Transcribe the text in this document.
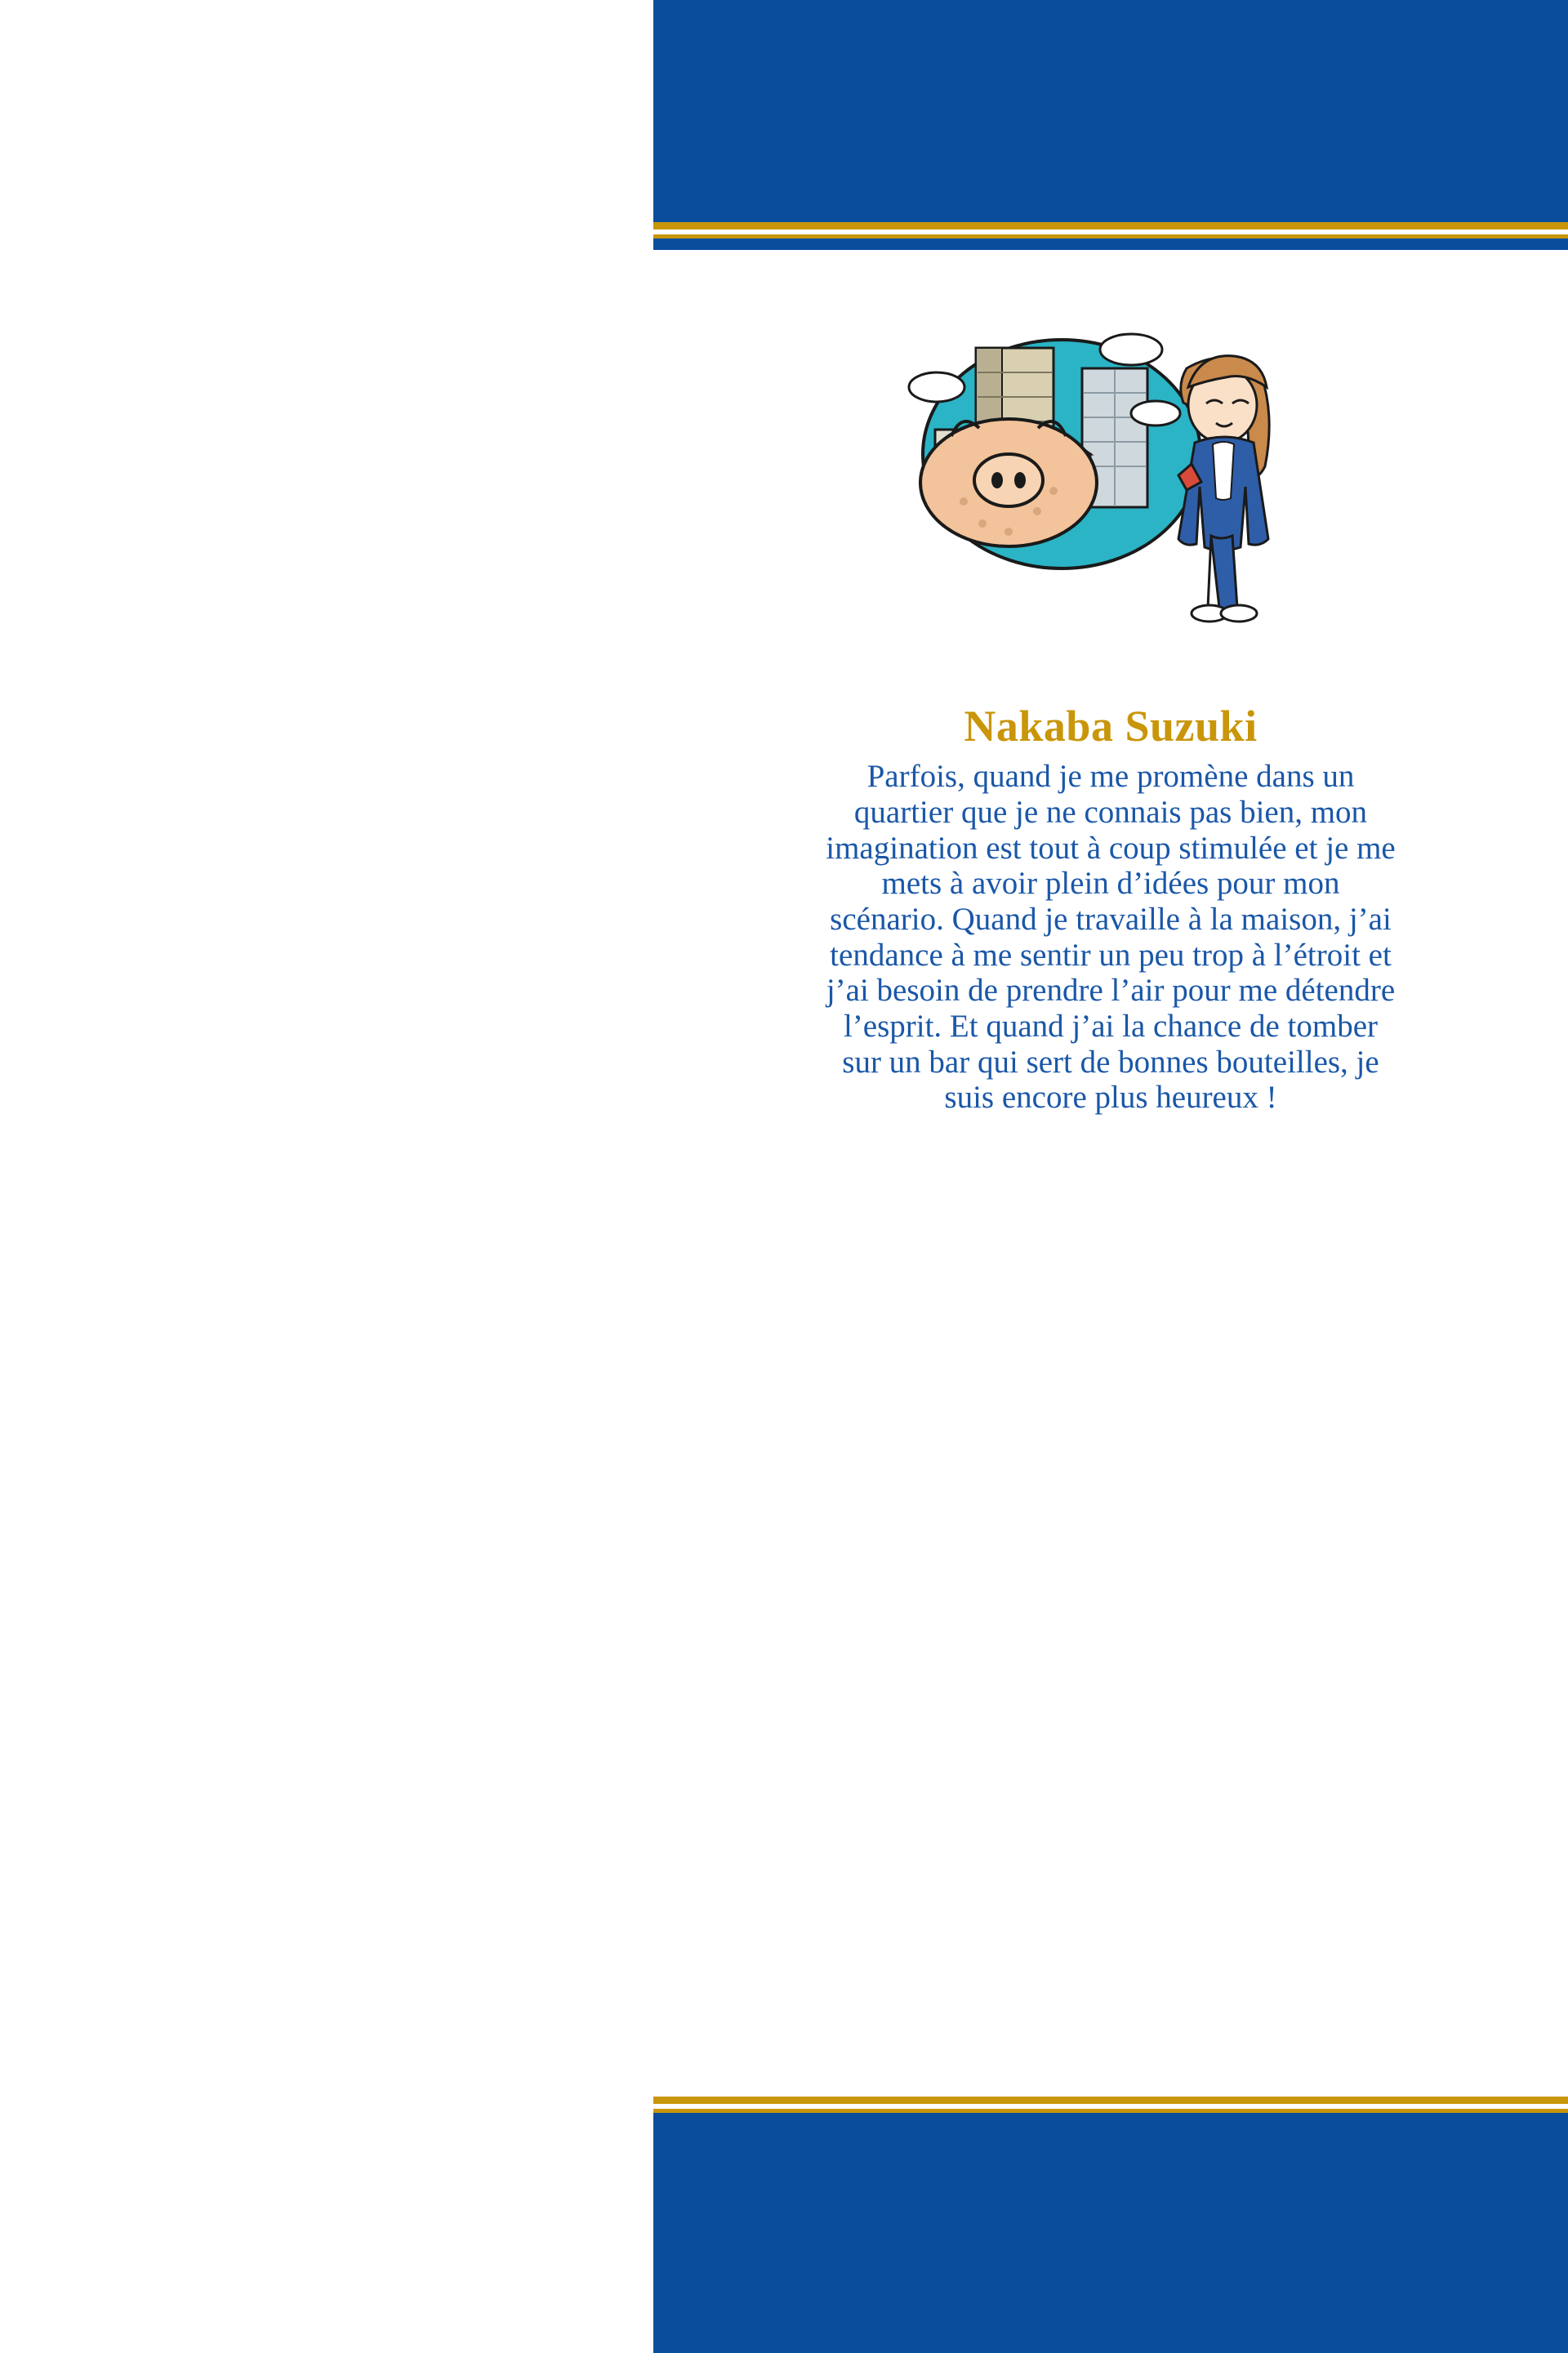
Nakaba Suzuki

Parfois, quand je me promène dans un quartier que je ne connais pas bien, mon imagination est tout à coup stimulée et je me mets à avoir plein d’idées pour mon scénario. Quand je travaille à la maison, j’ai tendance à me sentir un peu trop à l’étroit et j’ai besoin de prendre l’air pour me détendre l’esprit. Et quand j’ai la chance de tomber sur un bar qui sert de bonnes bouteilles, je suis encore plus heureux !
